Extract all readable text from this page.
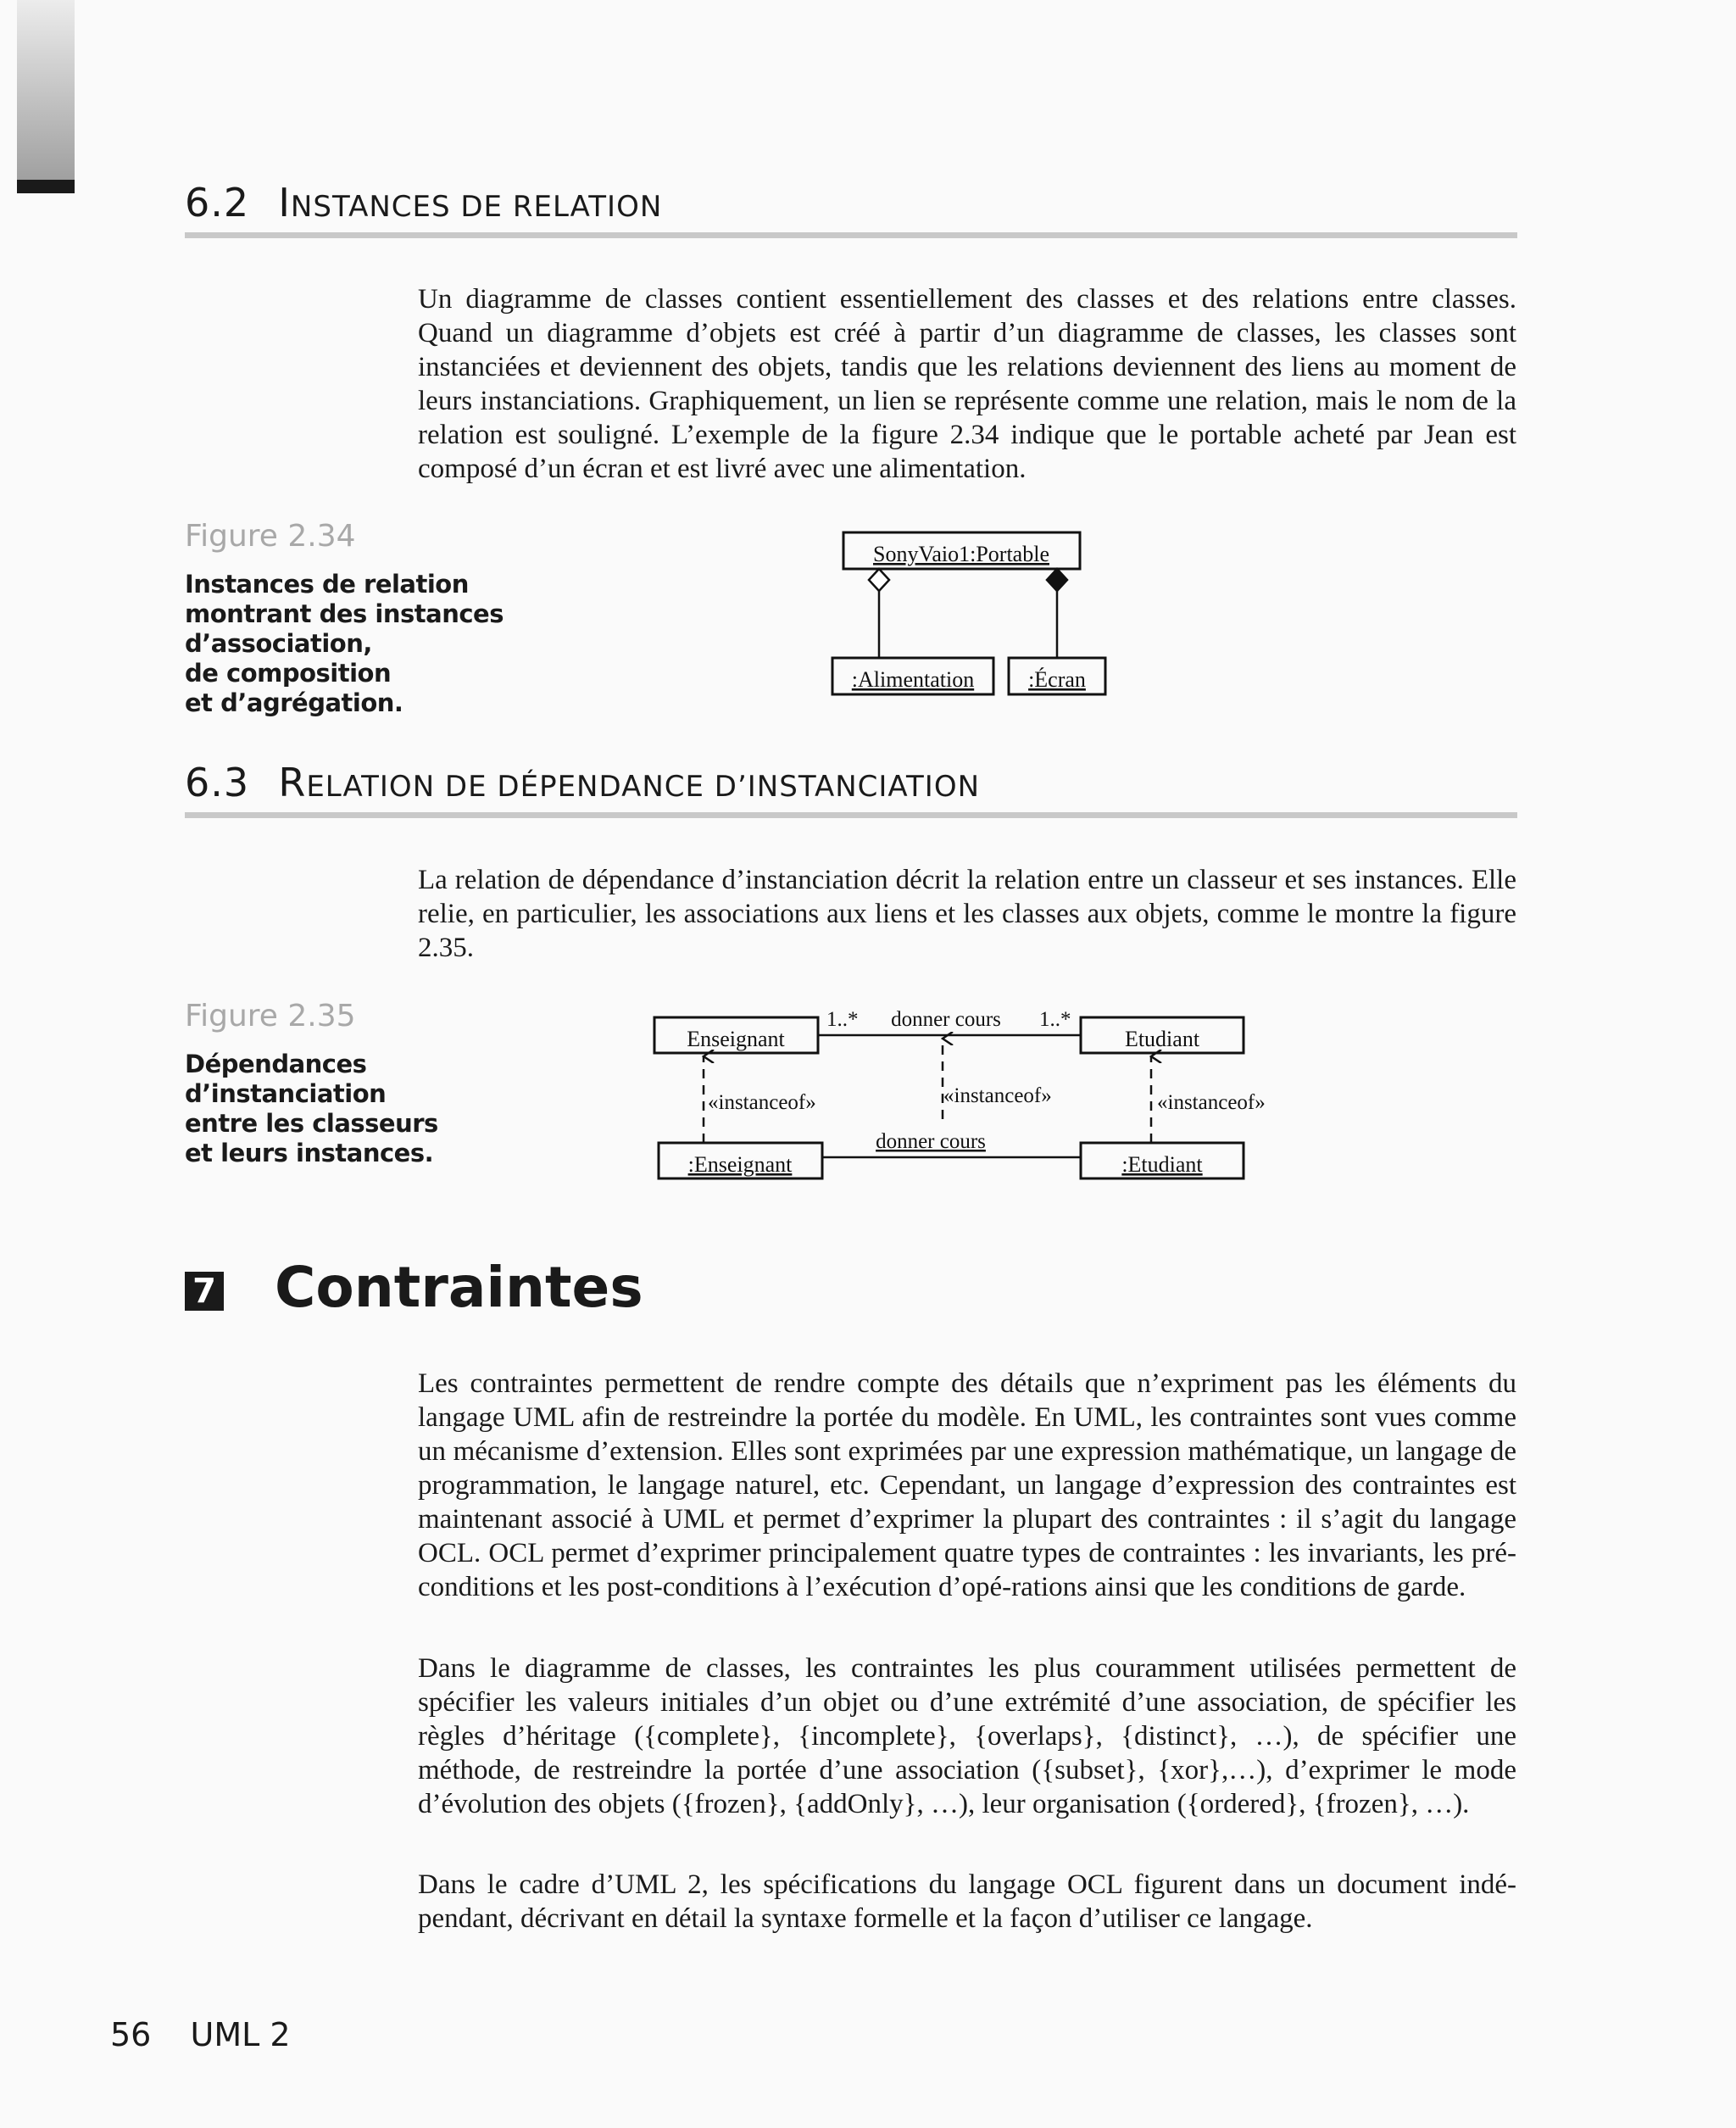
6.2 INSTANCES DE RELATION

Un diagramme de classes contient essentiellement des classes et des relations entre classes. Quand un diagramme d’objets est créé à partir d’un diagramme de classes, les classes sont instanciées et deviennent des objets, tandis que les relations deviennent des liens au moment de leurs instanciations. Graphiquement, un lien se représente comme une relation, mais le nom de la relation est souligné. L’exemple de la figure 2.34 indique que le portable acheté par Jean est composé d’un écran et est livré avec une alimentation.

Figure 2.34
Instances de relation
montrant des instances
d’association,
de composition
et d’agrégation.
SonyVaio1:Portable
:Alimentation :Écran
6.3 RELATION DE DÉPENDANCE D’INSTANCIATION

La relation de dépendance d’instanciation décrit la relation entre un classeur et ses instances. Elle relie, en particulier, les associations aux liens et les classes aux objets, comme le montre la figure 2.35.

Figure 2.35
Dépendances
d’instanciation
entre les classeurs
et leurs instances.
Enseignant	Etudiant
1..* donner cours 1..*
:Enseignant	:Etudiant
donner cours
«instanceof»	«instanceof»	«instanceof»
7 Contraintes

Les contraintes permettent de rendre compte des détails que n’expriment pas les éléments du langage UML afin de restreindre la portée du modèle. En UML, les contraintes sont vues comme un mécanisme d’extension. Elles sont exprimées par une expression mathématique, un langage de programmation, le langage naturel, etc. Cependant, un langage d’expression des contraintes est maintenant associé à UML et permet d’exprimer la plupart des contraintes : il s’agit du langage OCL. OCL permet d’exprimer principalement quatre types de contraintes : les invariants, les pré-conditions et les post-conditions à l’exécution d’opé-rations ainsi que les conditions de garde.

Dans le diagramme de classes, les contraintes les plus couramment utilisées permettent de spécifier les valeurs initiales d’un objet ou d’une extrémité d’une association, de spécifier les règles d’héritage ({complete}, {incomplete}, {overlaps}, {distinct}, …), de spécifier une méthode, de restreindre la portée d’une association ({subset}, {xor},…), d’exprimer le mode d’évolution des objets ({frozen}, {addOnly}, …), leur organisation ({ordered}, {frozen}, …).

Dans le cadre d’UML 2, les spécifications du langage OCL figurent dans un document indé-pendant, décrivant en détail la syntaxe formelle et la façon d’utiliser ce langage.

56 UML 2
